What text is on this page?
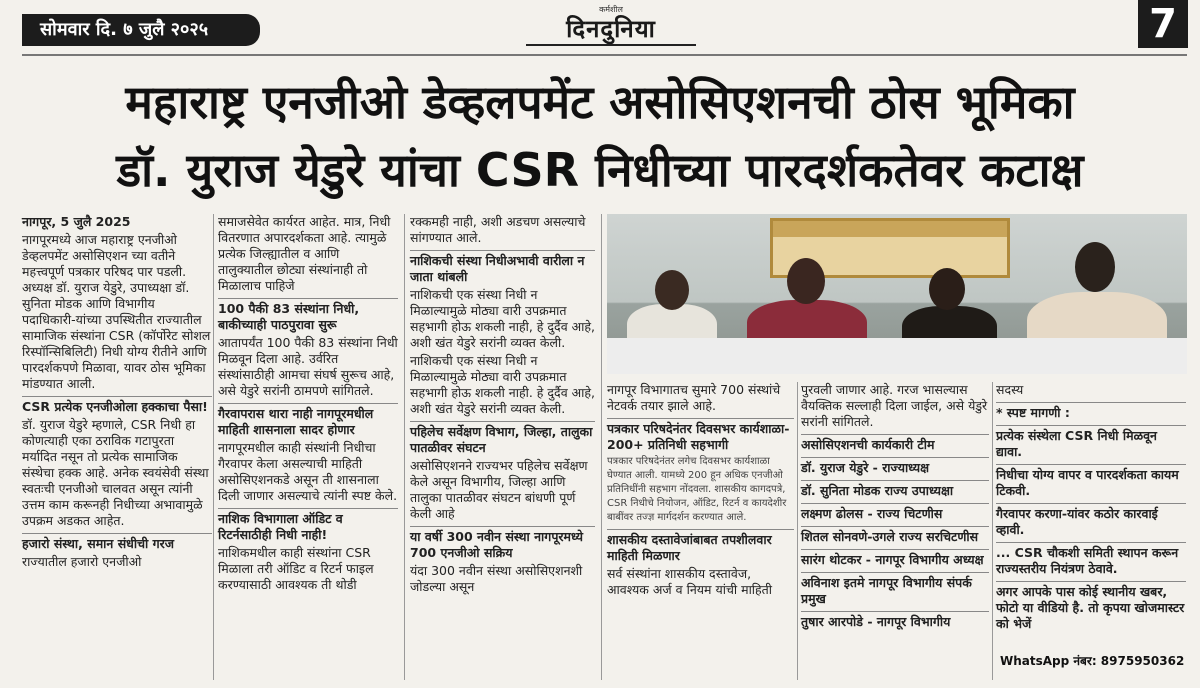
सोमवार दि. ७ जुलै २०२५
कर्मशील
दिनदुनिया	7
महाराष्ट्र एनजीओ डेव्हलपमेंट असोसिएशनची ठोस भूमिका
डॉ. युराज येडुरे यांचा CSR निधीच्या पारदर्शकतेवर कटाक्ष

नागपूर, 5 जुलै 2025

नागपूरमध्ये आज महाराष्ट्र एनजीओ डेव्हलपमेंट असोसिएशन च्या वतीने महत्त्वपूर्ण पत्रकार परिषद पार पडली. अध्यक्ष डॉ. युराज येडुरे, उपाध्यक्षा डॉ. सुनिता मोडक आणि विभागीय पदाधिकारी-यांच्या उपस्थितीत राज्यातील सामाजिक संस्थांना CSR (कॉर्पोरेट सोशल रिस्पॉन्सिबिलिटी) निधी योग्य रीतीने आणि पारदर्शकपणे मिळावा, यावर ठोस भूमिका मांडण्यात आली.

CSR प्रत्येक एनजीओला हक्काचा पैसा!

डॉ. युराज येडुरे म्हणाले, CSR निधी हा कोणत्याही एका ठराविक गटापुरता मर्यादित नसून तो प्रत्येक सामाजिक संस्थेचा हक्क आहे. अनेक स्वयंसेवी संस्था स्वतःची एनजीओ चालवत असून त्यांनी उत्तम काम करूनही निधीच्या अभावामुळे उपक्रम अडकत आहेत.

हजारो संस्था, समान संधीची गरज

राज्यातील हजारो एनजीओ

समाजसेवेत कार्यरत आहेत. मात्र, निधी वितरणात अपारदर्शकता आहे. त्यामुळे प्रत्येक जिल्ह्यातील व आणि तालुक्यातील छोट्या संस्थांनाही तो मिळालाच पाहिजे

100 पैकी 83 संस्थांना निधी, बाकीच्याही पाठपुरावा सुरू

आतापर्यंत 100 पैकी 83 संस्थांना निधी मिळवून दिला आहे. उर्वरित संस्थांसाठीही आमचा संघर्ष सुरूच आहे, असे येडुरे सरांनी ठामपणे सांगितले.

गैरवापरास थारा नाही नागपूरमधील माहिती शासनाला सादर होणार

नागपूरमधील काही संस्थांनी निधीचा गैरवापर केला असल्याची माहिती असोसिएशनकडे असून ती शासनाला दिली जाणार असल्याचे त्यांनी स्पष्ट केले.

नाशिक विभागाला ऑडिट व रिटर्नसाठीही निधी नाही!

नाशिकमधील काही संस्थांना CSR मिळाला तरी ऑडिट व रिटर्न फाइल करण्यासाठी आवश्यक ती थोडी

रक्कमही नाही, अशी अडचण असल्याचे सांगण्यात आले.

नाशिकची संस्था निधीअभावी वारीला न जाता थांबली

नाशिकची एक संस्था निधी न मिळाल्यामुळे मोठ्या वारी उपक्रमात सहभागी होऊ शकली नाही, हे दुर्दैव आहे, अशी खंत येडुरे सरांनी व्यक्त केली.

नाशिकची एक संस्था निधी न मिळाल्यामुळे मोठ्या वारी उपक्रमात सहभागी होऊ शकली नाही. हे दुर्दैव आहे, अशी खंत येडुरे सरांनी व्यक्त केली.

पहिलेच सर्वेक्षण विभाग, जिल्हा, तालुका पातळीवर संघटन

असोसिएशनने राज्यभर पहिलेच सर्वेक्षण केले असून विभागीय, जिल्हा आणि तालुका पातळीवर संघटन बांधणी पूर्ण केली आहे

या वर्षी 300 नवीन संस्था नागपूरमध्ये 700 एनजीओ सक्रिय

यंदा 300 नवीन संस्था असोसिएशनशी जोडल्या असून

नागपूर विभागातच सुमारे 700 संस्थांचे नेटवर्क तयार झाले आहे.

पत्रकार परिषदेनंतर दिवसभर कार्यशाळा- 200+ प्रतिनिधी सहभागी

पत्रकार परिषदेनंतर लगेच दिवसभर कार्यशाळा घेण्यात आली. यामध्ये 200 हून अधिक एनजीओ प्रतिनिधींनी सहभाग नोंदवला. शासकीय कागदपत्रे, CSR निधीचे नियोजन, ऑडिट, रिटर्न व कायदेशीर बाबींवर तज्ज्ञ मार्गदर्शन करण्यात आले.

शासकीय दस्तावेजांबाबत तपशीलवार माहिती मिळणार

सर्व संस्थांना शासकीय दस्तावेज, आवश्यक अर्ज व नियम यांची माहिती

पुरवली जाणार आहे. गरज भासल्यास वैयक्तिक सल्लाही दिला जाईल, असे येडुरे सरांनी सांगितले.

असोसिएशनची कार्यकारी टीम

डॉ. युराज येडुरे - राज्याध्यक्ष

डॉ. सुनिता मोडक राज्य उपाध्यक्षा

लक्ष्मण ढोलस - राज्य चिटणीस

शितल सोनवणे-उगले राज्य सरचिटणीस

सारंग थोटकर - नागपूर विभागीय अध्यक्ष

अविनाश इतमे नागपूर विभागीय संपर्क प्रमुख

तुषार आरपोडे - नागपूर विभागीय

सदस्य

* स्पष्ट मागणी :

प्रत्येक संस्थेला CSR निधी मिळवून द्यावा.

निधीचा योग्य वापर व पारदर्शकता कायम टिकवी.

गैरवापर करणा-यांवर कठोर कारवाई व्हावी.

... CSR चौकशी समिती स्थापन करून राज्यस्तरीय नियंत्रण ठेवावे.

अगर आपके पास कोई स्थानीय खबर, फोटो या वीडियो है. तो कृपया खोजमास्टर को भेजें

WhatsApp नंबर: 8975950362
